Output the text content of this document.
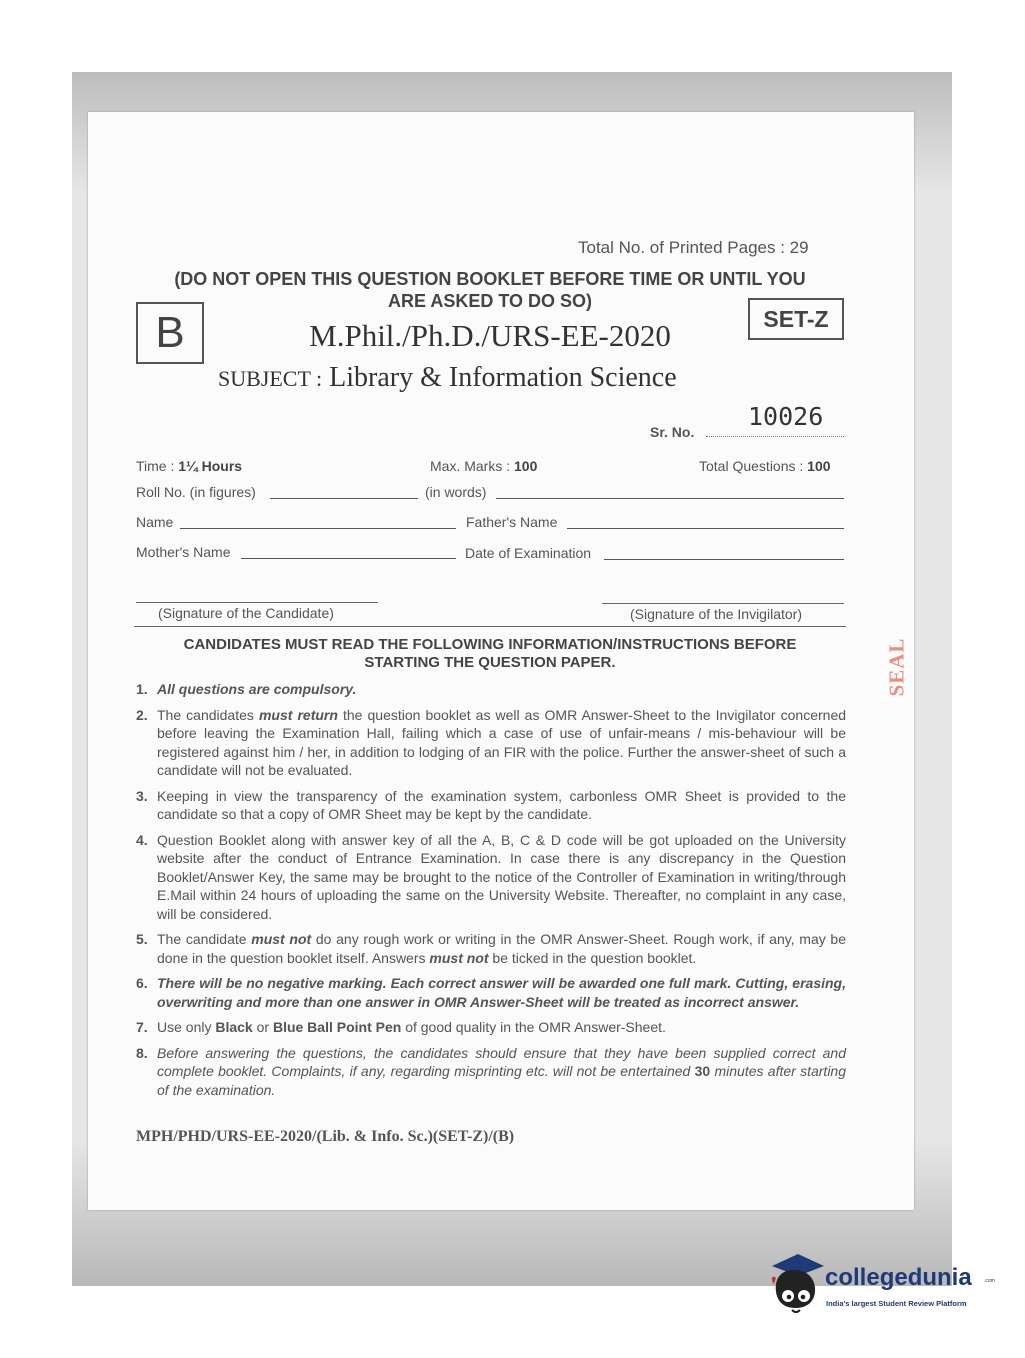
Total No. of Printed Pages : 29
(DO NOT OPEN THIS QUESTION BOOKLET BEFORE TIME OR UNTIL YOU
ARE ASKED TO DO SO)
B	SET-Z
M.Phil./Ph.D./URS-EE-2020
SUBJECT : Library & Information Science
10026
Sr. No.
Time : 1¼ Hours	Max. Marks : 100	Total Questions : 100
Roll No. (in figures)	(in words)
Name	Father's Name
Mother's Name	Date of Examination
(Signature of the Candidate)	(Signature of the Invigilator)
CANDIDATES MUST READ THE FOLLOWING INFORMATION/INSTRUCTIONS BEFORE
STARTING THE QUESTION PAPER.
1. All questions are compulsory.
2. The candidates must return the question booklet as well as OMR Answer-Sheet to the Invigilator concerned before leaving the Examination Hall, failing which a case of use of unfair-means / mis-behaviour will be registered against him / her, in addition to lodging of an FIR with the police. Further the answer-sheet of such a candidate will not be evaluated.
3. Keeping in view the transparency of the examination system, carbonless OMR Sheet is provided to the candidate so that a copy of OMR Sheet may be kept by the candidate.
4. Question Booklet along with answer key of all the A, B, C & D code will be got uploaded on the University website after the conduct of Entrance Examination. In case there is any discrepancy in the Question Booklet/Answer Key, the same may be brought to the notice of the Controller of Examination in writing/through E.Mail within 24 hours of uploading the same on the University Website. Thereafter, no complaint in any case, will be considered.
5. The candidate must not do any rough work or writing in the OMR Answer-Sheet. Rough work, if any, may be done in the question booklet itself. Answers must not be ticked in the question booklet.
6. There will be no negative marking. Each correct answer will be awarded one full mark. Cutting, erasing, overwriting and more than one answer in OMR Answer-Sheet will be treated as incorrect answer.
7. Use only Black or Blue Ball Point Pen of good quality in the OMR Answer-Sheet.
8. Before answering the questions, the candidates should ensure that they have been supplied correct and complete booklet. Complaints, if any, regarding misprinting etc. will not be entertained 30 minutes after starting of the examination.
MPH/PHD/URS-EE-2020/(Lib. & Info. Sc.)(SET-Z)/(B)
SEAL
collegedunia .com
India's largest Student Review Platform
